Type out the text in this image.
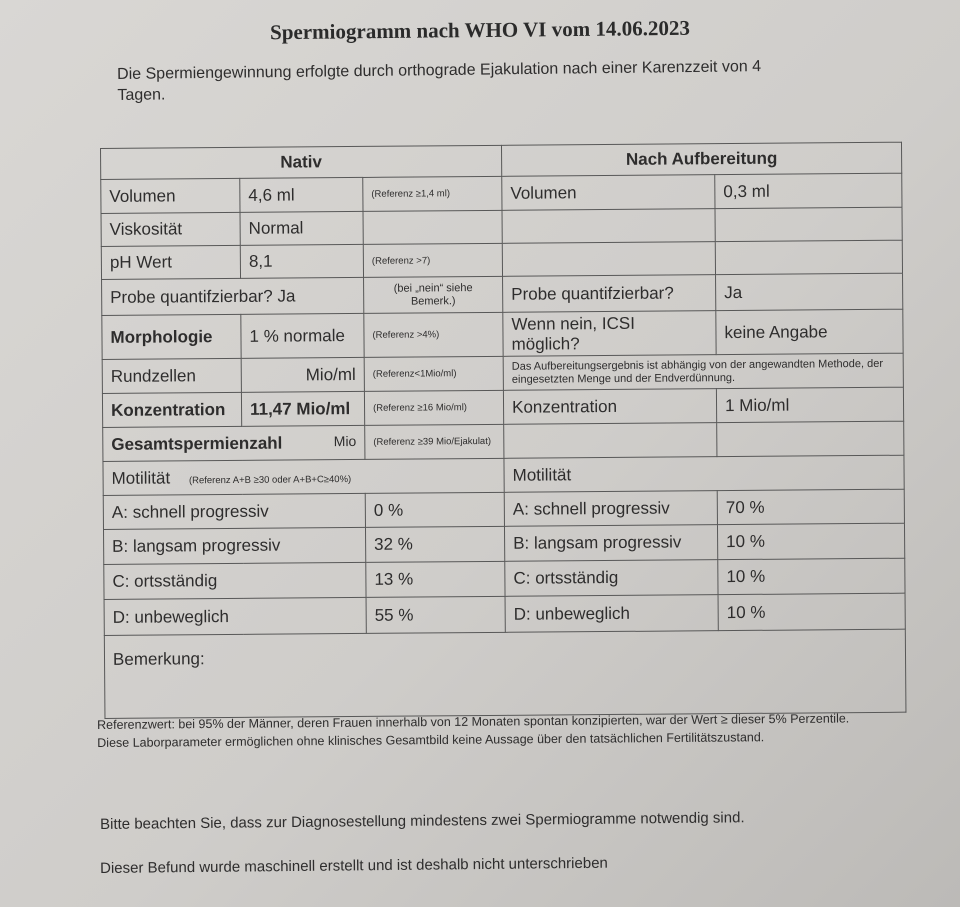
Spermiogramm nach WHO VI vom 14.06.2023
Die Spermiengewinnung erfolgte durch orthograde Ejakulation nach einer Karenzzeit von 4 Tagen.
Nativ			Nach Aufbereitung	
Volumen	4,6 ml	(Referenz ≥1,4 ml)	Volumen	0,3 ml
Viskosität	Normal			
pH Wert	8,1	(Referenz >7)		
Probe quantifzierbar? Ja		(bei „nein“ siehe Bemerk.)	Probe quantifzierbar?	Ja
Morphologie	1 % normale	(Referenz >4%)	Wenn nein, ICSI möglich?	keine Angabe
Rundzellen	Mio/ml	(Referenz<1Mio/ml)	Das Aufbereitungsergebnis ist abhängig von der angewandten Methode, der eingesetzten Menge und der Endverdünnung.	
Konzentration	11,47 Mio/ml	(Referenz ≥16 Mio/ml)	Konzentration	1 Mio/ml
Gesamtspermienzahl Mio		(Referenz ≥39 Mio/Ejakulat)		
Motilität (Referenz A+B ≥30 oder A+B+C≥40%)			Motilität	
A: schnell progressiv		0 %	A: schnell progressiv	70 %
B: langsam progressiv		32 %	B: langsam progressiv	10 %
C: ortsständig		13 %	C: ortsständig	10 %
D: unbeweglich		55 %	D: unbeweglich	10 %
Bemerkung:				
Referenzwert: bei 95% der Männer, deren Frauen innerhalb von 12 Monaten spontan konzipierten, war der Wert ≥ dieser 5% Perzentile. Diese Laborparameter ermöglichen ohne klinisches Gesamtbild keine Aussage über den tatsächlichen Fertilitätszustand.
Bitte beachten Sie, dass zur Diagnosestellung mindestens zwei Spermiogramme notwendig sind.
Dieser Befund wurde maschinell erstellt und ist deshalb nicht unterschrieben
